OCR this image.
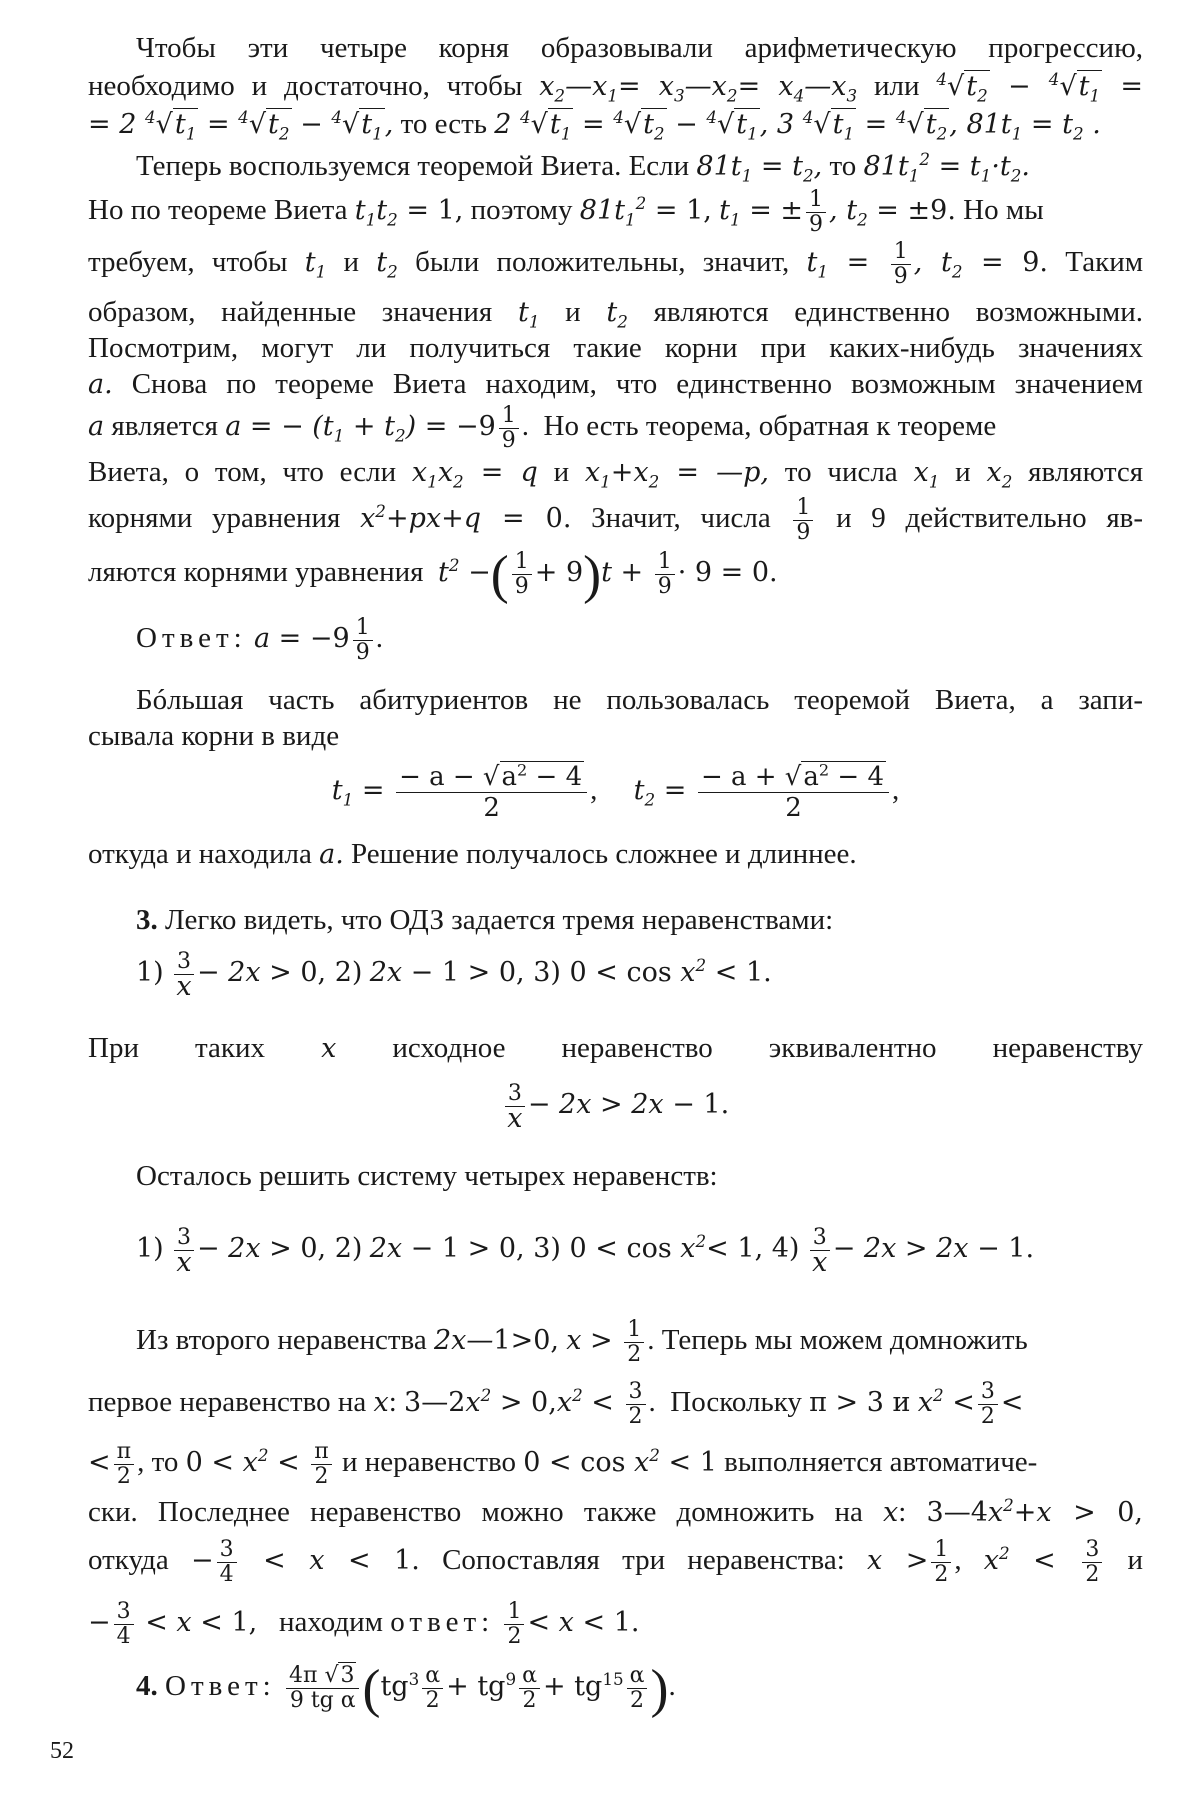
Чтобы эти четыре корня образовывали арифметическую прогрессию,
необходимо и достаточно, чтобы $x_2—x_1=$ $x_3—x_2=$ $x_4—x_3$ или $^4√t_2 - ^4√t_1$ =
= 2 $^4√t_1 = ^4√t_2 - ^4√t_1$, то есть 2 $^4√t_1 = ^4√t_2 - ^4√t_1$, 3 $^4√t_1 = ^4√t_2$, $81t_1 = t_2$ .
Теперь воспользуемся теоремой Виета. Если $81t_1 = t_2$, то $81t_1^2 = t_1\cdot t_2$.
Но по теореме Виета $t_1t_2 = 1$, поэтому $81t_1^2 = 1$, $t_1$ = ± $\frac{1}{9}$ , $t_2 = \pm 9$. Но мы
требуем, чтобы $t_1$ и $t_2$ были положительны, значит, $t_1 = \frac{1}{9}$ , $t_2 = 9$. Таким
образом, найденные значения $t_1$ и $t_2$ являются единственно возможными.
Посмотрим, могут ли получиться такие корни при каких-нибудь значениях
a. Снова по теореме Виета находим, что единственно возможным значением
a является a = − $(t_1 + t_2) = -9 \frac{1}{9}$ .  Но есть теорема, обратная к теореме
Виета, о том, что если $x_1x_2 = q$ и $x_1+x_2$ = —p, то числа $x_1$ и $x_2$ являются
корнями уравнения $x^2+px+q = 0$. Значит, числа $\frac{1}{9}$ и 9 действительно яв-
ляются корнями уравнения $t^2$ −( $\frac{1}{9} + 9)t + \frac{1}{9} \cdot 9 = 0$.
Ответ: $a = -9 \frac{1}{9}$ .
Бóльшая часть абитуриентов не пользовалась теоремой Виета, а запи-
сывала корни в виде
$t_1 = \frac{- a - √a^2 - 4}{2}$ ,     $t_2 = \frac{- a + √a^2 - 4}{2}$ ,
откуда и находила a. Решение получалось сложнее и длиннее.
3. Легко видеть, что ОДЗ задается тремя неравенствами:
1) 3
x − 2x > 0, 2) 2x − 1 > 0, 3) $0 < \cos x^2 < 1$.
При таких x исходное неравенство эквивалентно неравенству
3
x − 2x > 2x − 1.
Осталось решить систему четырех неравенств:
1) 3
x − 2x > 0, 2) 2x − 1 > 0, 3) $0 < \cos x^2< 1$, 4) 3
x − 2x > 2x − 1.
Из второго неравенства 2x—1>0, $x > \frac{1}{2}$ . Теперь мы можем домножить
первое неравенство на x: $3—2x^2 > 0,x^2 < \frac{3}{2}$ .  Поскольку π > 3 и $x^2 < \frac{3}{2}$ <
< $\frac{\pi}{2}$ , то $0 < x^2 < \frac{\pi}{2}$ и неравенство $0 < \cos x^2 < 1$ выполняется автоматиче-
ски. Последнее неравенство можно также домножить на x: $3—4x^2+x > 0$,
откуда − $\frac{3}{4} < x < 1$. Сопоставляя три неравенства: $x > \frac{1}{2}$ , $x^2 < \frac{3}{2}$ и
− $\frac{3}{4} < x < 1$, находим ответ: $\frac{1}{2} < x < 1$.
4. Ответ: $\frac{4\pi √3}{\text{9 tg α}} (tg^3 \frac{\alpha}{2} + tg^9 \frac{\alpha}{2} + tg^{15} \frac{\alpha}{2}$ ).
52
